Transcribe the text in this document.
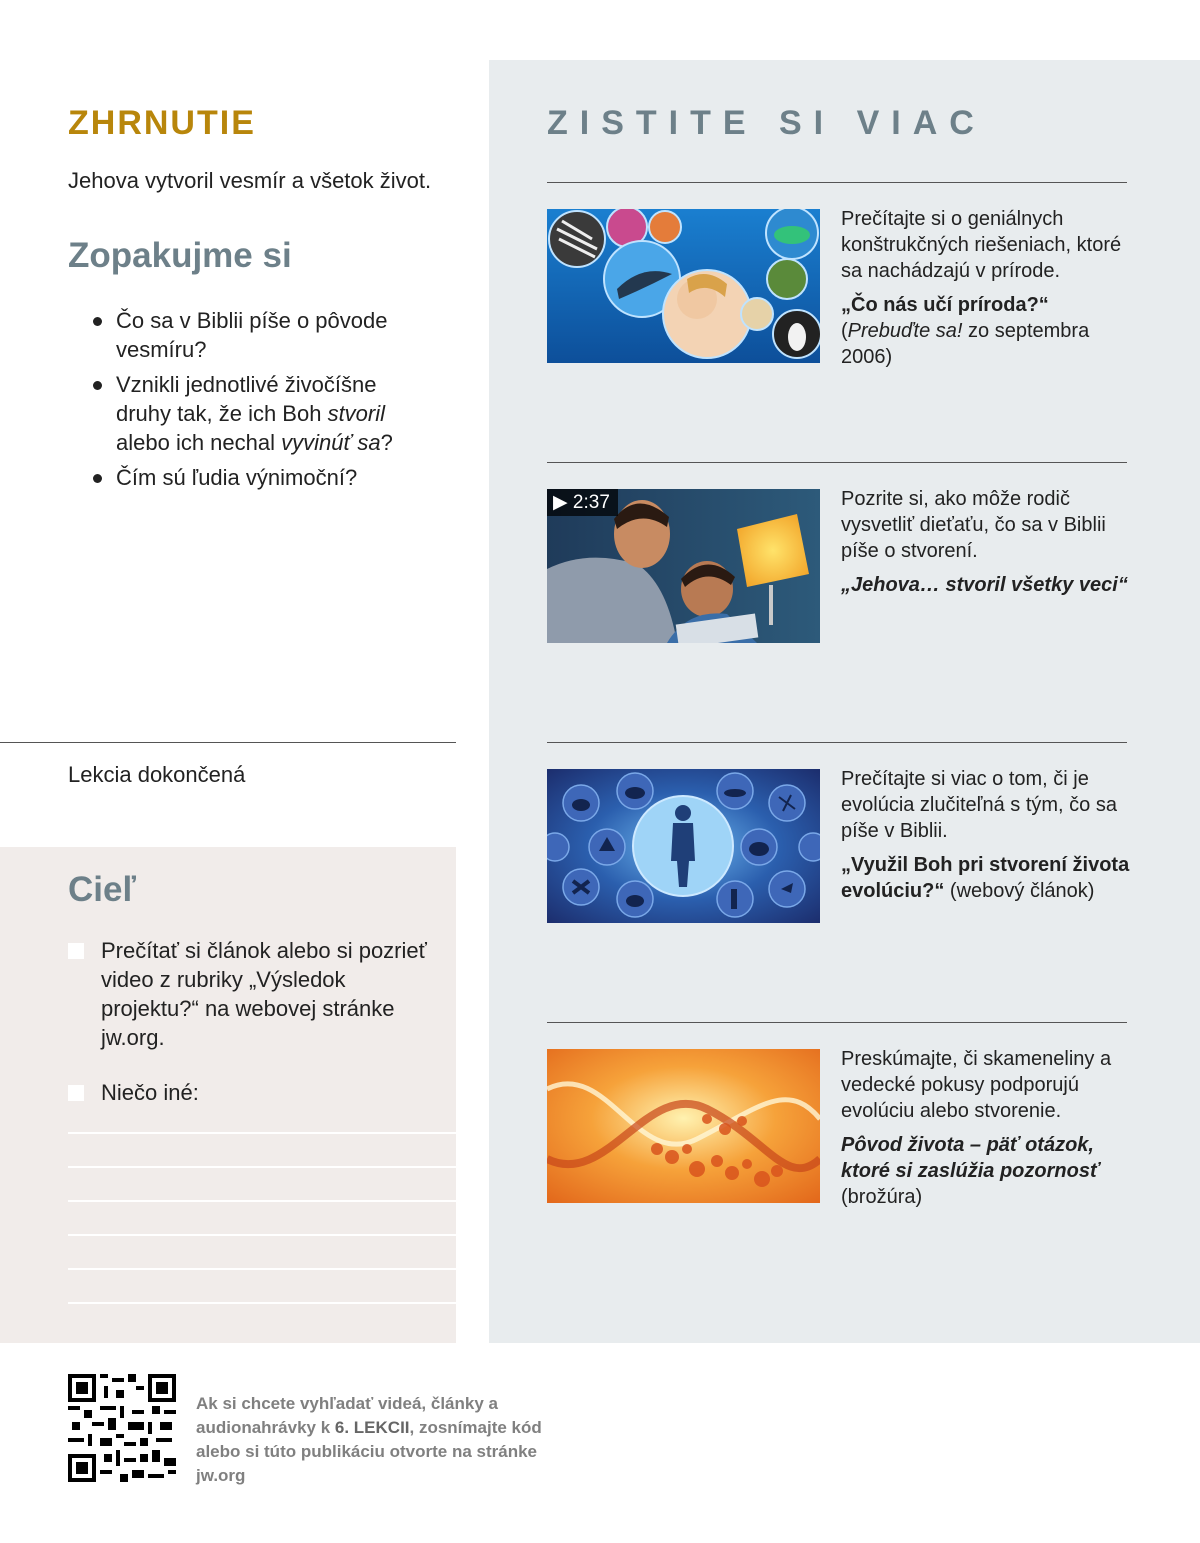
ZHRNUTIE
Jehova vytvoril vesmír a všetok život.
Zopakujme si
Čo sa v Biblii píše o pôvode vesmíru?
Vznikli jednotlivé živočíšne druhy tak, že ich Boh stvoril alebo ich nechal vyvinúť sa?
Čím sú ľudia výnimoční?
Lekcia dokončená
Cieľ
Prečítať si článok alebo si pozrieť video z rubriky „Výsledok projektu?“ na webovej stránke jw.org.
Niečo iné:
ZISTITE SI VIAC
Prečítajte si o geniálnych konštrukčných riešeniach, ktoré sa nachádzajú v prírode.
„Čo nás učí príroda?“
(Prebuďte sa! zo septembra 2006)
▶ 2:37	Pozrite si, ako môže rodič vysvetliť dieťaťu, čo sa v Biblii píše o stvorení.
„Jehova… stvoril všetky veci“
Prečítajte si viac o tom, či je evolúcia zlučiteľná s tým, čo sa píše v Biblii.
„Využil Boh pri stvorení života evolúciu?“ (webový článok)
Preskúmajte, či skameneliny a vedecké pokusy podporujú evolúciu alebo stvorenie.
Pôvod života – päť otázok, ktoré si zaslúžia pozornosť
(brožúra)
Ak si chcete vyhľadať videá, články a audionahrávky k 6. LEKCII, zosnímajte kód alebo si túto publikáciu otvorte na stránke jw.org
